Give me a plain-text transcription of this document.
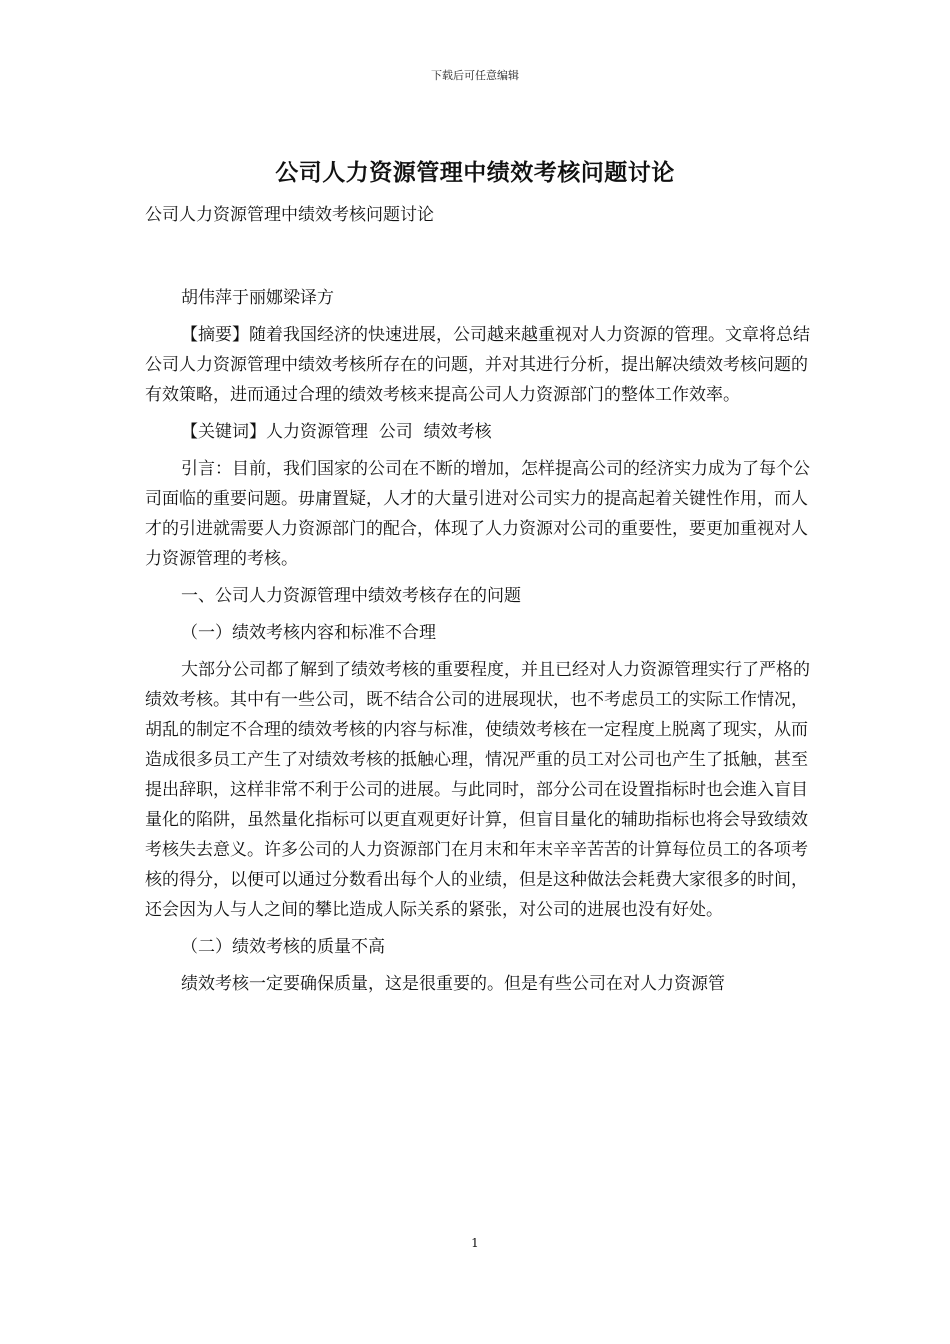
下载后可任意编辑
公司人力资源管理中绩效考核问题讨论

公司人力资源管理中绩效考核问题讨论

胡伟萍于丽娜梁译方

【摘要】随着我国经济的快速进展，公司越来越重视对人力资源的管理。文章将总结公司人力资源管理中绩效考核所存在的问题，并对其进行分析，提出解决绩效考核问题的有效策略，进而通过合理的绩效考核来提高公司人力资源部门的整体工作效率。

【关键词】人力资源管理  公司  绩效考核

引言：目前，我们国家的公司在不断的增加，怎样提高公司的经济实力成为了每个公司面临的重要问题。毋庸置疑，人才的大量引进对公司实力的提高起着关键性作用，而人才的引进就需要人力资源部门的配合，体现了人力资源对公司的重要性，要更加重视对人力资源管理的考核。

一、公司人力资源管理中绩效考核存在的问题

（一）绩效考核内容和标准不合理

大部分公司都了解到了绩效考核的重要程度，并且已经对人力资源管理实行了严格的绩效考核。其中有一些公司，既不结合公司的进展现状，也不考虑员工的实际工作情况，胡乱的制定不合理的绩效考核的内容与标准，使绩效考核在一定程度上脱离了现实，从而造成很多员工产生了对绩效考核的抵触心理，情况严重的员工对公司也产生了抵触，甚至提出辞职，这样非常不利于公司的进展。与此同时，部分公司在设置指标时也会進入盲目量化的陷阱，虽然量化指标可以更直观更好计算，但盲目量化的辅助指标也将会导致绩效考核失去意义。许多公司的人力资源部门在月末和年末辛辛苦苦的计算每位员工的各项考核的得分，以便可以通过分数看出每个人的业绩，但是这种做法会耗费大家很多的时间，还会因为人与人之间的攀比造成人际关系的紧张，对公司的进展也没有好处。

（二）绩效考核的质量不高

绩效考核一定要确保质量，这是很重要的。但是有些公司在对人力资源管

1
